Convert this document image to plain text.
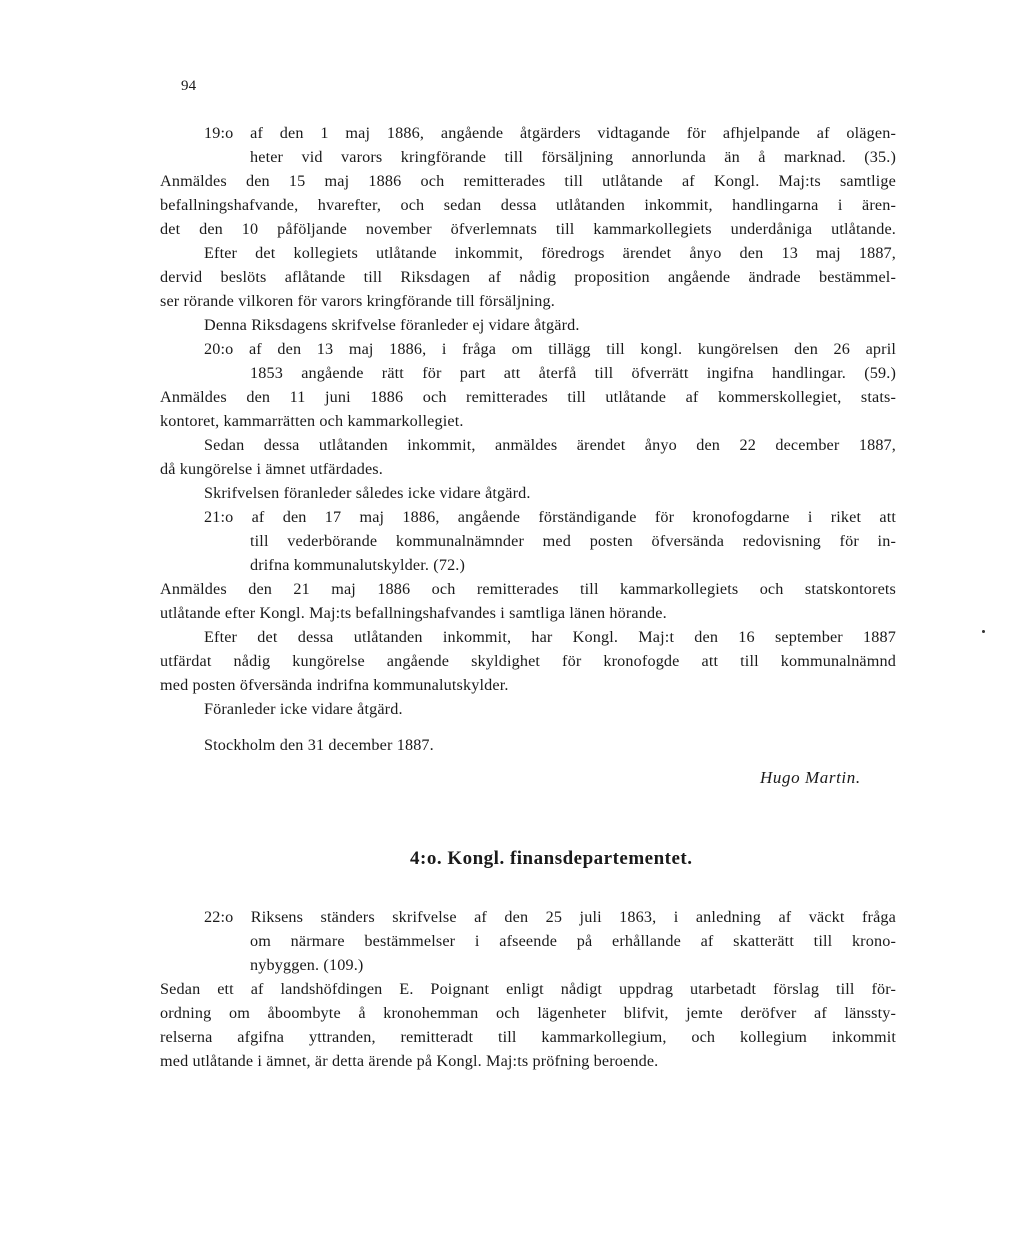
94
19:o af den 1 maj 1886, angående åtgärders vidtagande för afhjelpande af olägen-
heter vid varors kringförande till försäljning annorlunda än å marknad. (35.)
Anmäldes den 15 maj 1886 och remitterades till utlåtande af Kongl. Maj:ts samtlige
befallningshafvande, hvarefter, och sedan dessa utlåtanden inkommit, handlingarna i ären-
det den 10 påföljande november öfverlemnats till kammarkollegiets underdåniga utlåtande.
Efter det kollegiets utlåtande inkommit, föredrogs ärendet ånyo den 13 maj 1887,
dervid beslöts aflåtande till Riksdagen af nådig proposition angående ändrade bestämmel-
ser rörande vilkoren för varors kringförande till försäljning.
Denna Riksdagens skrifvelse föranleder ej vidare åtgärd.
20:o af den 13 maj 1886, i fråga om tillägg till kongl. kungörelsen den 26 april
1853 angående rätt för part att återfå till öfverrätt ingifna handlingar. (59.)
Anmäldes den 11 juni 1886 och remitterades till utlåtande af kommerskollegiet, stats-
kontoret, kammarrätten och kammarkollegiet.
Sedan dessa utlåtanden inkommit, anmäldes ärendet ånyo den 22 december 1887,
då kungörelse i ämnet utfärdades.
Skrifvelsen föranleder således icke vidare åtgärd.
21:o af den 17 maj 1886, angående förständigande för kronofogdarne i riket att
till vederbörande kommunalnämnder med posten öfversända redovisning för in-
drifna kommunalutskylder. (72.)
Anmäldes den 21 maj 1886 och remitterades till kammarkollegiets och statskontorets
utlåtande efter Kongl. Maj:ts befallningshafvandes i samtliga länen hörande.
Efter det dessa utlåtanden inkommit, har Kongl. Maj:t den 16 september 1887
utfärdat nådig kungörelse angående skyldighet för kronofogde att till kommunalnämnd
med posten öfversända indrifna kommunalutskylder.
Föranleder icke vidare åtgärd.
Stockholm den 31 december 1887.
Hugo Martin.
4:o. Kongl. finansdepartementet.
22:o Riksens ständers skrifvelse af den 25 juli 1863, i anledning af väckt fråga
om närmare bestämmelser i afseende på erhållande af skatterätt till krono-
nybyggen. (109.)
Sedan ett af landshöfdingen E. Poignant enligt nådigt uppdrag utarbetadt förslag till för-
ordning om åboombyte å kronohemman och lägenheter blifvit, jemte deröfver af länssty-
relserna afgifna yttranden, remitteradt till kammarkollegium, och kollegium inkommit
med utlåtande i ämnet, är detta ärende på Kongl. Maj:ts pröfning beroende.
